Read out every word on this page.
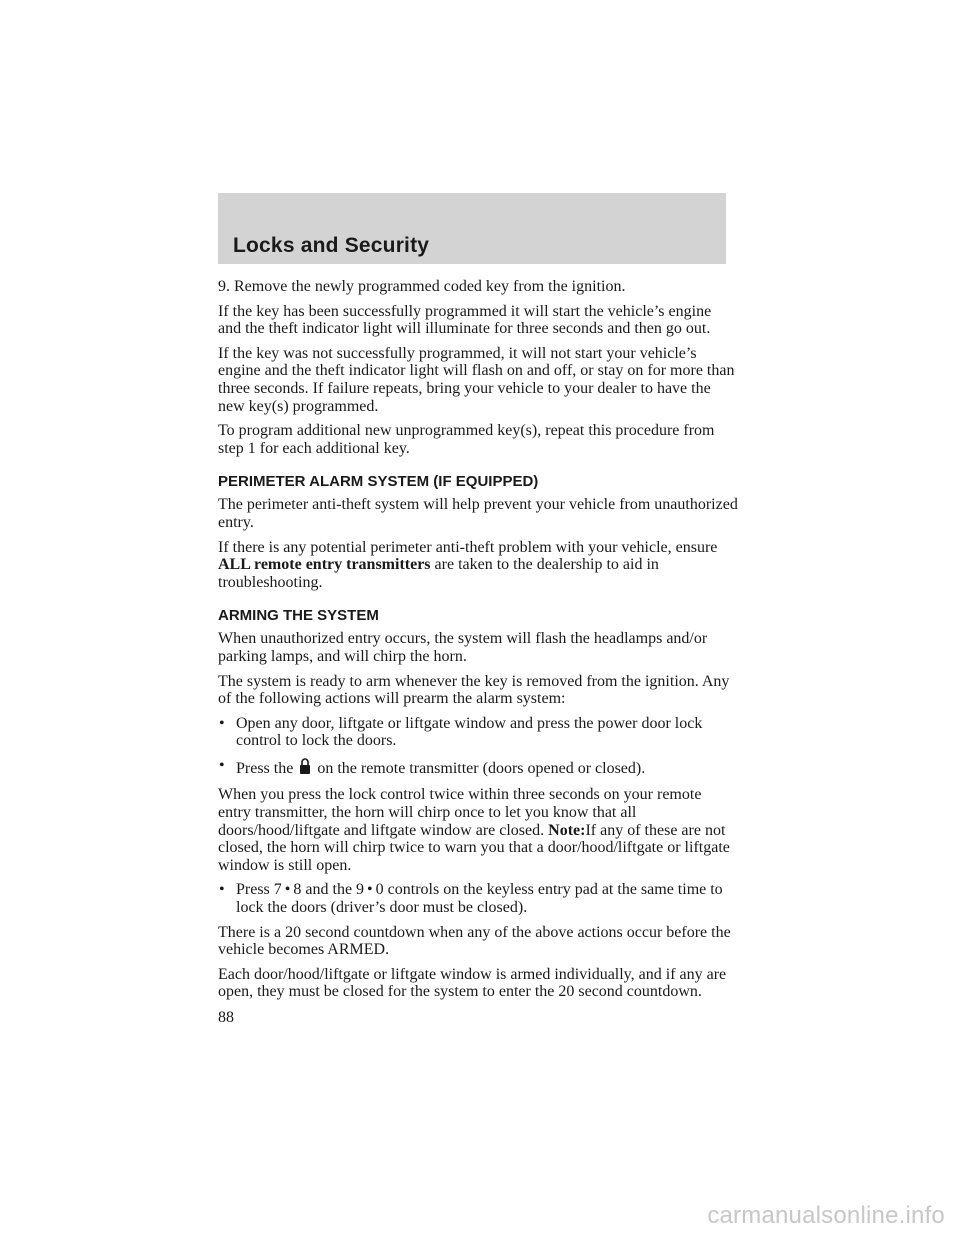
Locks and Security

9. Remove the newly programmed coded key from the ignition.

If the key has been successfully programmed it will start the vehicle’s engine and the theft indicator light will illuminate for three seconds and then go out.

If the key was not successfully programmed, it will not start your vehicle’s engine and the theft indicator light will flash on and off, or stay on for more than three seconds. If failure repeats, bring your vehicle to your dealer to have the new key(s) programmed.

To program additional new unprogrammed key(s), repeat this procedure from step 1 for each additional key.

PERIMETER ALARM SYSTEM (IF EQUIPPED)

The perimeter anti-theft system will help prevent your vehicle from unauthorized entry.

If there is any potential perimeter anti-theft problem with your vehicle, ensure ALL remote entry transmitters are taken to the dealership to aid in troubleshooting.

ARMING THE SYSTEM

When unauthorized entry occurs, the system will flash the headlamps and/or parking lamps, and will chirp the horn.

The system is ready to arm whenever the key is removed from the ignition. Any of the following actions will prearm the alarm system:

• Open any door, liftgate or liftgate window and press the power door lock control to lock the doors.
• Press the on the remote transmitter (doors opened or closed).

When you press the lock control twice within three seconds on your remote entry transmitter, the horn will chirp once to let you know that all doors/hood/liftgate and liftgate window are closed. Note:If any of these are not closed, the horn will chirp twice to warn you that a door/hood/liftgate or liftgate window is still open.

• Press 7 • 8 and the 9 • 0 controls on the keyless entry pad at the same time to lock the doors (driver’s door must be closed).

There is a 20 second countdown when any of the above actions occur before the vehicle becomes ARMED.

Each door/hood/liftgate or liftgate window is armed individually, and if any are open, they must be closed for the system to enter the 20 second countdown.

88

carmanualsonline.info
